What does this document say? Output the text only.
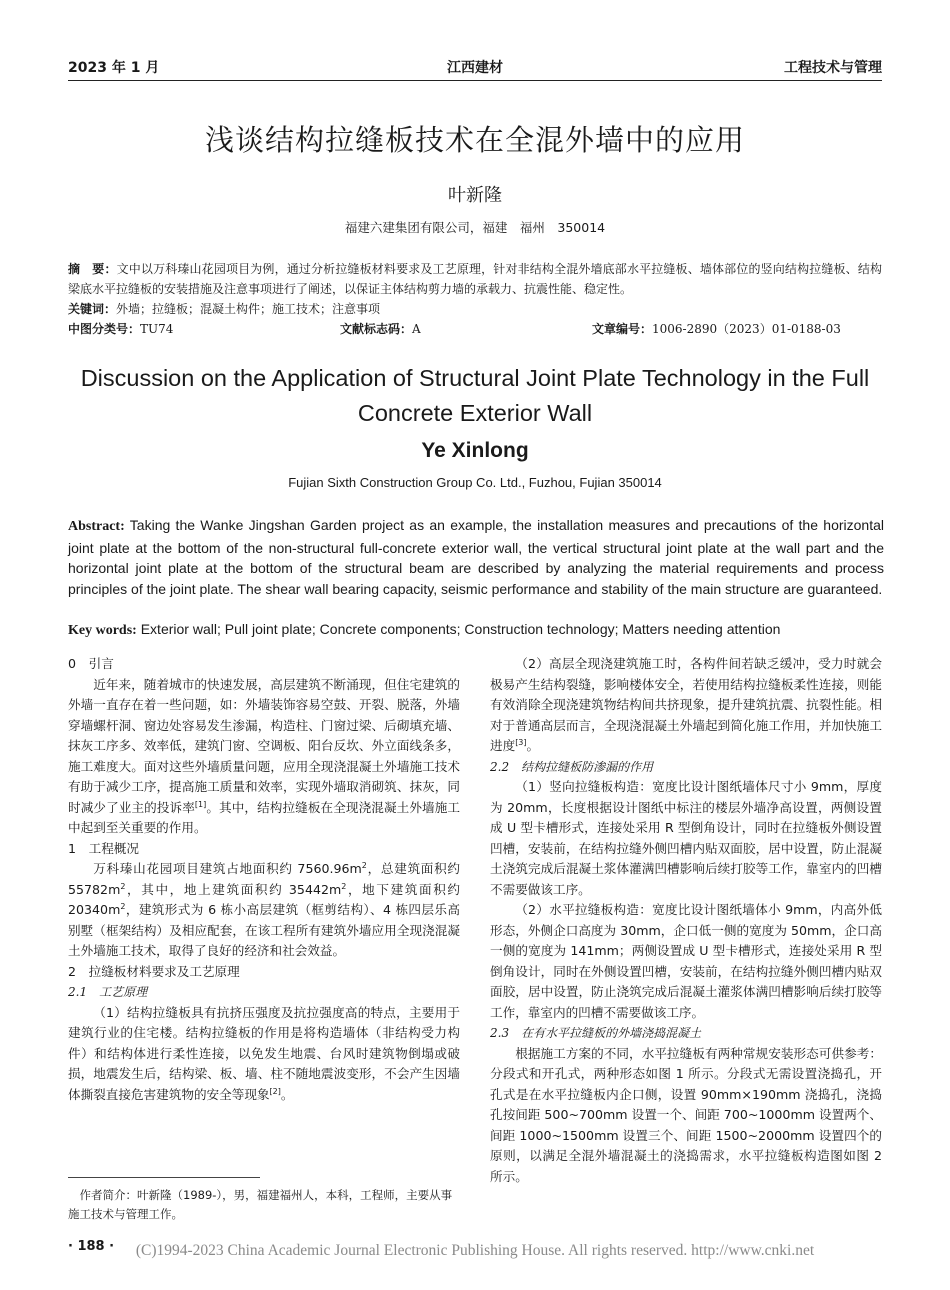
2023 年 1 月	江西建材	工程技术与管理
浅谈结构拉缝板技术在全混外墙中的应用
叶新隆
福建六建集团有限公司，福建　福州　350014
摘　要：文中以万科瑧山花园项目为例，通过分析拉缝板材料要求及工艺原理，针对非结构全混外墙底部水平拉缝板、墙体部位的竖向结构拉缝板、结构梁底水平拉缝板的安装措施及注意事项进行了阐述，以保证主体结构剪力墙的承载力、抗震性能、稳定性。
关键词：外墙；拉缝板；混凝土构件；施工技术；注意事项
中图分类号：TU74	文献标志码：A	文章编号：1006-2890（2023）01-0188-03
Discussion on the Application of Structural Joint Plate Technology in the Full Concrete Exterior Wall
Ye Xinlong
Fujian Sixth Construction Group Co. Ltd., Fuzhou, Fujian 350014
Abstract: Taking the Wanke Jingshan Garden project as an example, the installation measures and precautions of the horizontal joint plate at the bottom of the non-structural full-concrete exterior wall, the vertical structural joint plate at the wall part and the horizontal joint plate at the bottom of the structural beam are described by analyzing the material requirements and process principles of the joint plate. The shear wall bearing capacity, seismic performance and stability of the main structure are guaranteed.
Key words: Exterior wall; Pull joint plate; Concrete components; Construction technology; Matters needing attention
0　引言

近年来，随着城市的快速发展，高层建筑不断涌现，但住宅建筑的外墙一直存在着一些问题，如：外墙装饰容易空鼓、开裂、脱落，外墙穿墙螺杆洞、窗边处容易发生渗漏，构造柱、门窗过梁、后砌填充墙、抹灰工序多、效率低，建筑门窗、空调板、阳台反坎、外立面线条多，施工难度大。面对这些外墙质量问题，应用全现浇混凝土外墙施工技术有助于减少工序，提高施工质量和效率，实现外墙取消砌筑、抹灰，同时减少了业主的投诉率[1]。其中，结构拉缝板在全现浇混凝土外墙施工中起到至关重要的作用。

1　工程概况

万科瑧山花园项目建筑占地面积约 $7560.96m^2$，总建筑面积约 $55782m^2$，其中，地上建筑面积约 $35442m^2$，地下建筑面积约 $20340m^2$，建筑形式为 6 栋小高层建筑（框剪结构）、4 栋四层乐高别墅（框架结构）及相应配套，在该工程所有建筑外墙应用全现浇混凝土外墙施工技术，取得了良好的经济和社会效益。

2　拉缝板材料要求及工艺原理
2.1　工艺原理

（1）结构拉缝板具有抗挤压强度及抗拉强度高的特点，主要用于建筑行业的住宅楼。结构拉缝板的作用是将构造墙体（非结构受力构件）和结构体进行柔性连接，以免发生地震、台风时建筑物倒塌或破损，地震发生后，结构梁、板、墙、柱不随地震波变形，不会产生因墙体撕裂直接危害建筑物的安全等现象[2]。

（2）高层全现浇建筑施工时，各构件间若缺乏缓冲，受力时就会极易产生结构裂缝，影响楼体安全，若使用结构拉缝板柔性连接，则能有效消除全现浇建筑物结构间共挤现象，提升建筑抗震、抗裂性能。相对于普通高层而言，全现浇混凝土外墙起到简化施工作用，并加快施工进度[3]。

2.2　结构拉缝板防渗漏的作用

（1）竖向拉缝板构造：宽度比设计图纸墙体尺寸小 9mm，厚度为 20mm，长度根据设计图纸中标注的楼层外墙净高设置，两侧设置成 U 型卡槽形式，连接处采用 R 型倒角设计，同时在拉缝板外侧设置凹槽，安装前，在结构拉缝外侧凹槽内贴双面胶，居中设置，防止混凝土浇筑完成后混凝土浆体灌满凹槽影响后续打胶等工作，靠室内的凹槽不需要做该工序。

（2）水平拉缝板构造：宽度比设计图纸墙体小 9mm，内高外低形态，外侧企口高度为 30mm，企口低一侧的宽度为 50mm，企口高一侧的宽度为 141mm；两侧设置成 U 型卡槽形式，连接处采用 R 型倒角设计，同时在外侧设置凹槽，安装前，在结构拉缝外侧凹槽内贴双面胶，居中设置，防止浇筑完成后混凝土灌浆体满凹槽影响后续打胶等工作，靠室内的凹槽不需要做该工序。

2.3　在有水平拉缝板的外墙浇捣混凝土

根据施工方案的不同，水平拉缝板有两种常规安装形态可供参考：分段式和开孔式，两种形态如图 1 所示。分段式无需设置浇捣孔，开孔式是在水平拉缝板内企口侧，设置 90mm×190mm 浇捣孔，浇捣孔按间距 500~700mm 设置一个、间距 700~1000mm 设置两个、间距 1000~1500mm 设置三个、间距 1500~2000mm 设置四个的原则，以满足全混外墙混凝土的浇捣需求，水平拉缝板构造图如图 2 所示。

作者简介：叶新隆（1989-），男，福建福州人，本科，工程师，主要从事施工技术与管理工作。
(C)1994-2023 China Academic Journal Electronic Publishing House. All rights reserved. http://www.cnki.net
· 188 ·
